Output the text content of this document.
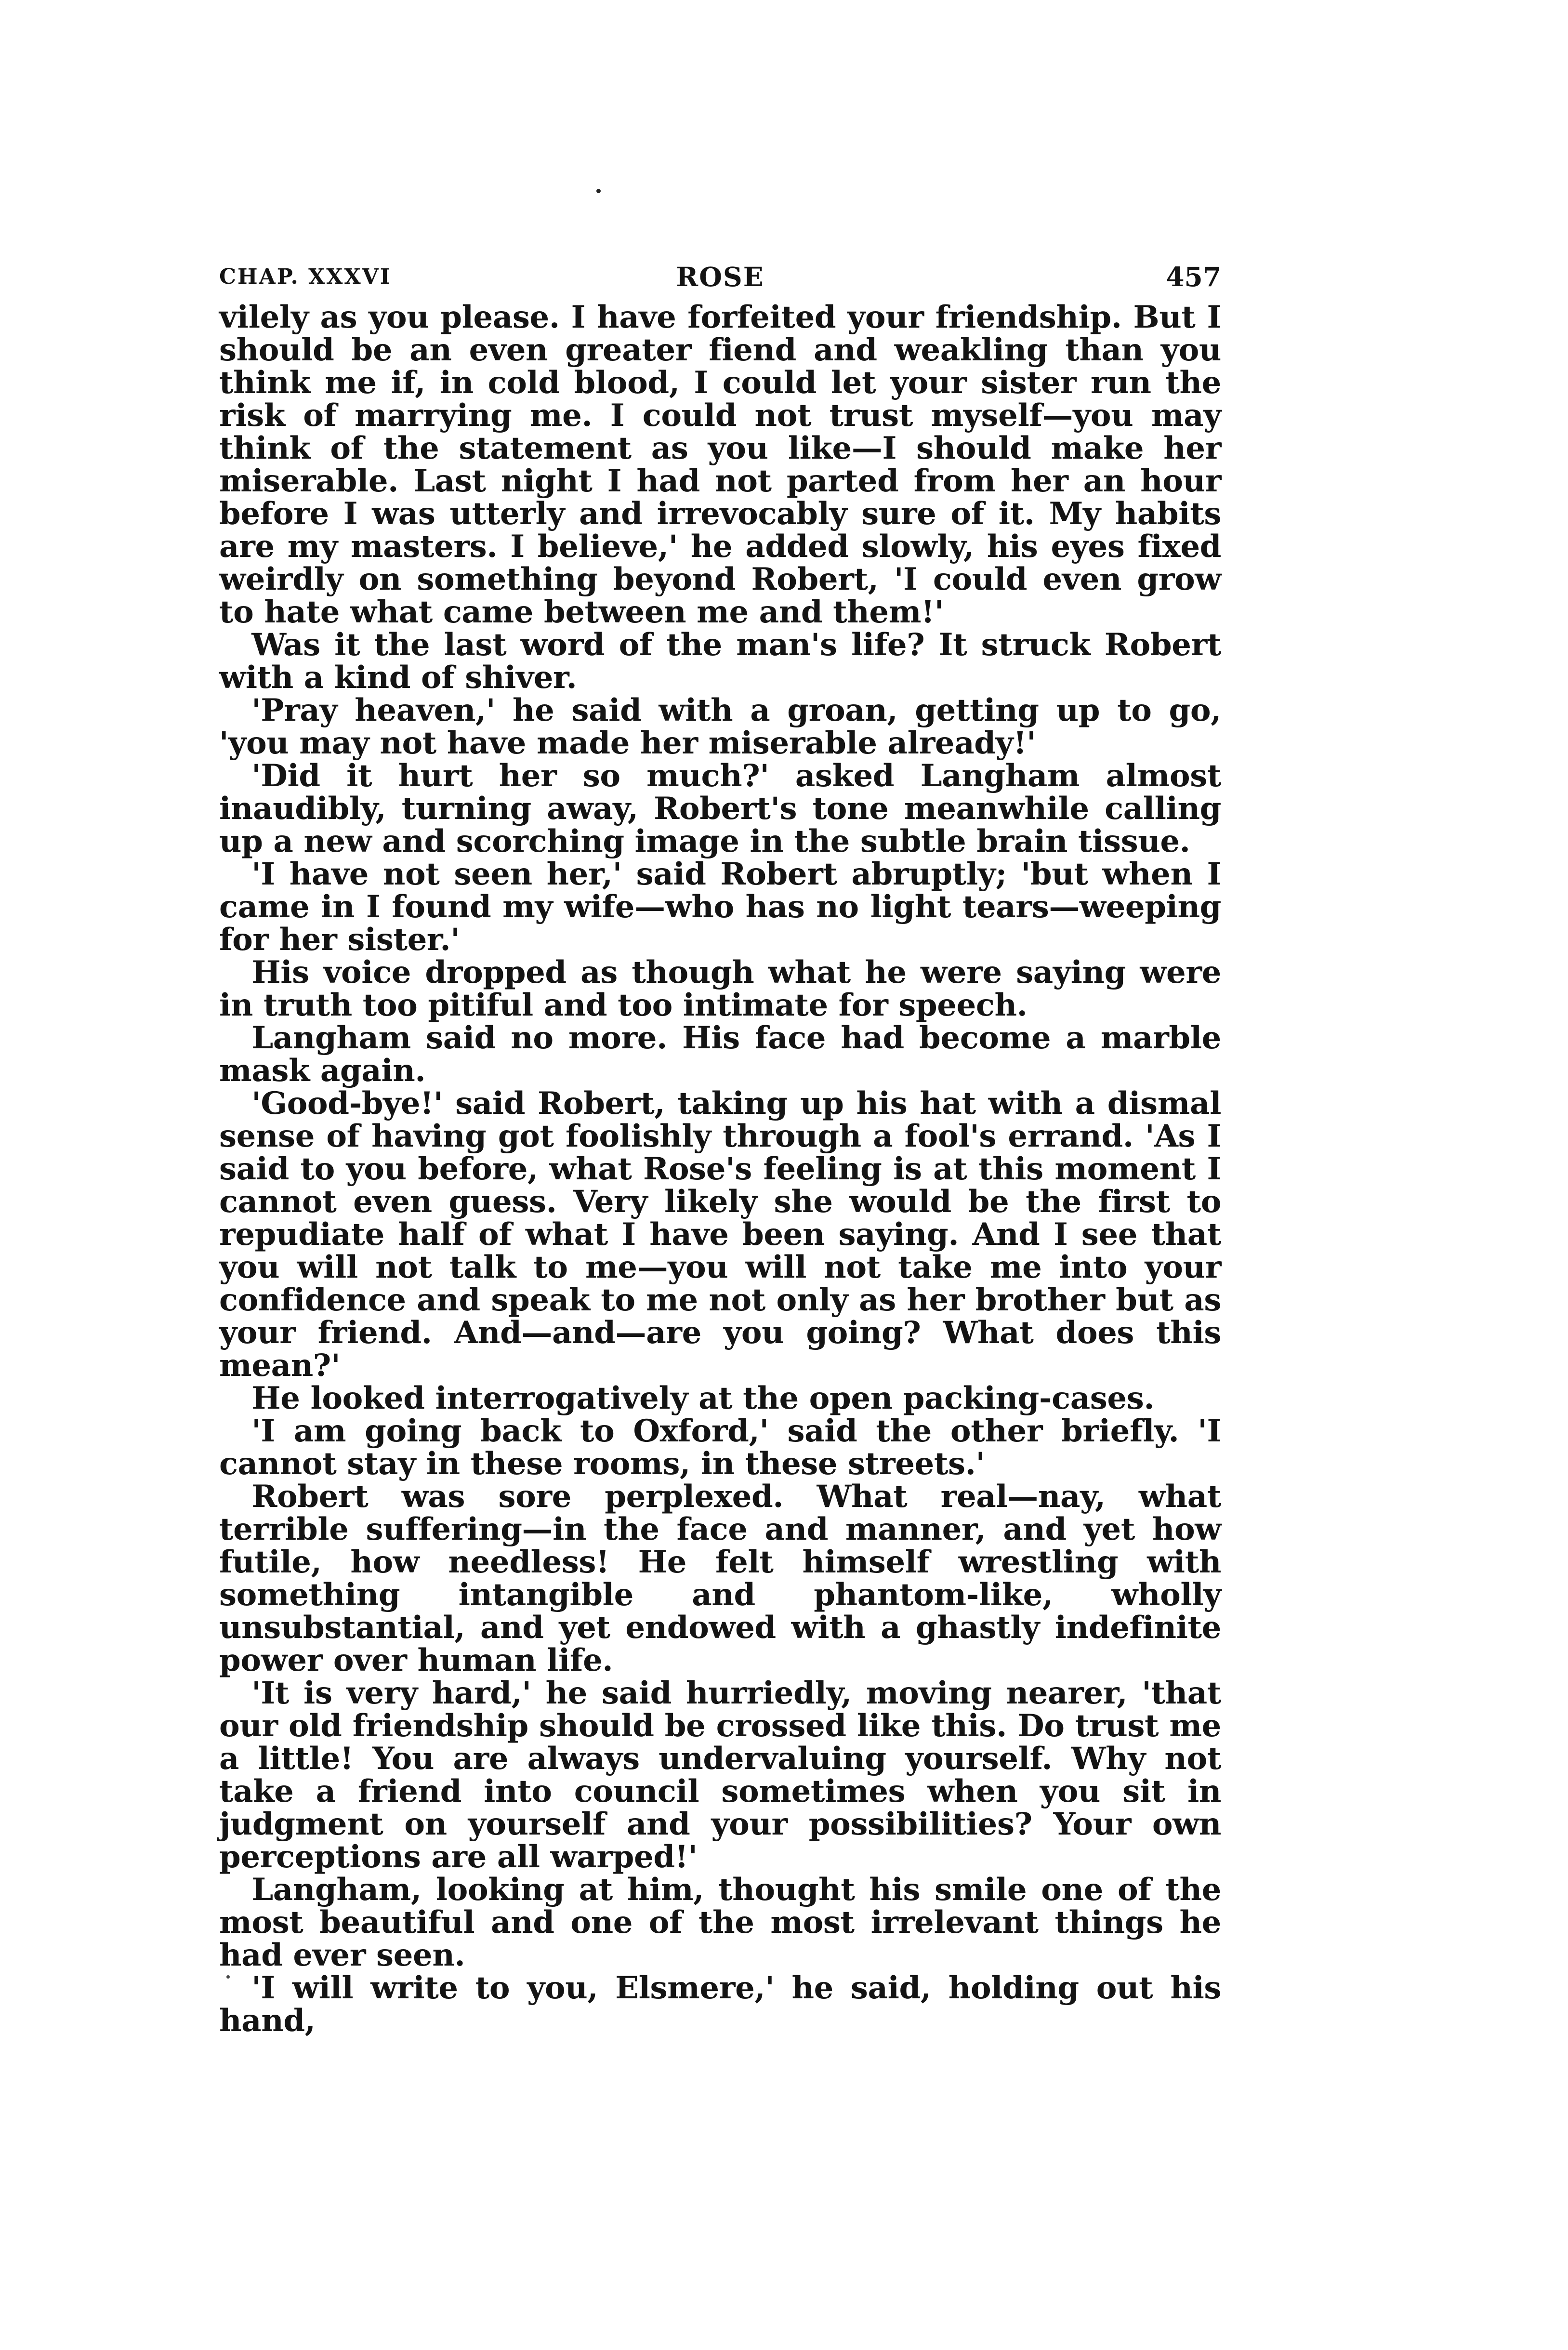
CHAP. XXXVI	ROSE	457

vilely as you please. I have forfeited your friendship. But I should be an even greater fiend and weakling than you think me if, in cold blood, I could let your sister run the risk of marrying me. I could not trust myself—you may think of the statement as you like—I should make her miserable. Last night I had not parted from her an hour before I was utterly and irrevocably sure of it. My habits are my masters. I believe,' he added slowly, his eyes fixed weirdly on something beyond Robert, 'I could even grow to hate what came between me and them!'

Was it the last word of the man's life? It struck Robert with a kind of shiver.

'Pray heaven,' he said with a groan, getting up to go, 'you may not have made her miserable already!'

'Did it hurt her so much?' asked Langham almost inaudibly, turning away, Robert's tone meanwhile calling up a new and scorching image in the subtle brain tissue.

'I have not seen her,' said Robert abruptly; 'but when I came in I found my wife—who has no light tears—weeping for her sister.'

His voice dropped as though what he were saying were in truth too pitiful and too intimate for speech.

Langham said no more. His face had become a marble mask again.

'Good-bye!' said Robert, taking up his hat with a dismal sense of having got foolishly through a fool's errand. 'As I said to you before, what Rose's feeling is at this moment I cannot even guess. Very likely she would be the first to repudiate half of what I have been saying. And I see that you will not talk to me—you will not take me into your confidence and speak to me not only as her brother but as your friend. And—and—are you going? What does this mean?'

He looked interrogatively at the open packing-cases.

'I am going back to Oxford,' said the other briefly. 'I cannot stay in these rooms, in these streets.'

Robert was sore perplexed. What real—nay, what terrible suffering—in the face and manner, and yet how futile, how needless! He felt himself wrestling with something intangible and phantom-like, wholly unsubstantial, and yet endowed with a ghastly indefinite power over human life.

'It is very hard,' he said hurriedly, moving nearer, 'that our old friendship should be crossed like this. Do trust me a little! You are always undervaluing yourself. Why not take a friend into council sometimes when you sit in judgment on yourself and your possibilities? Your own perceptions are all warped!'

Langham, looking at him, thought his smile one of the most beautiful and one of the most irrelevant things he had ever seen.

'I will write to you, Elsmere,' he said, holding out his hand,
